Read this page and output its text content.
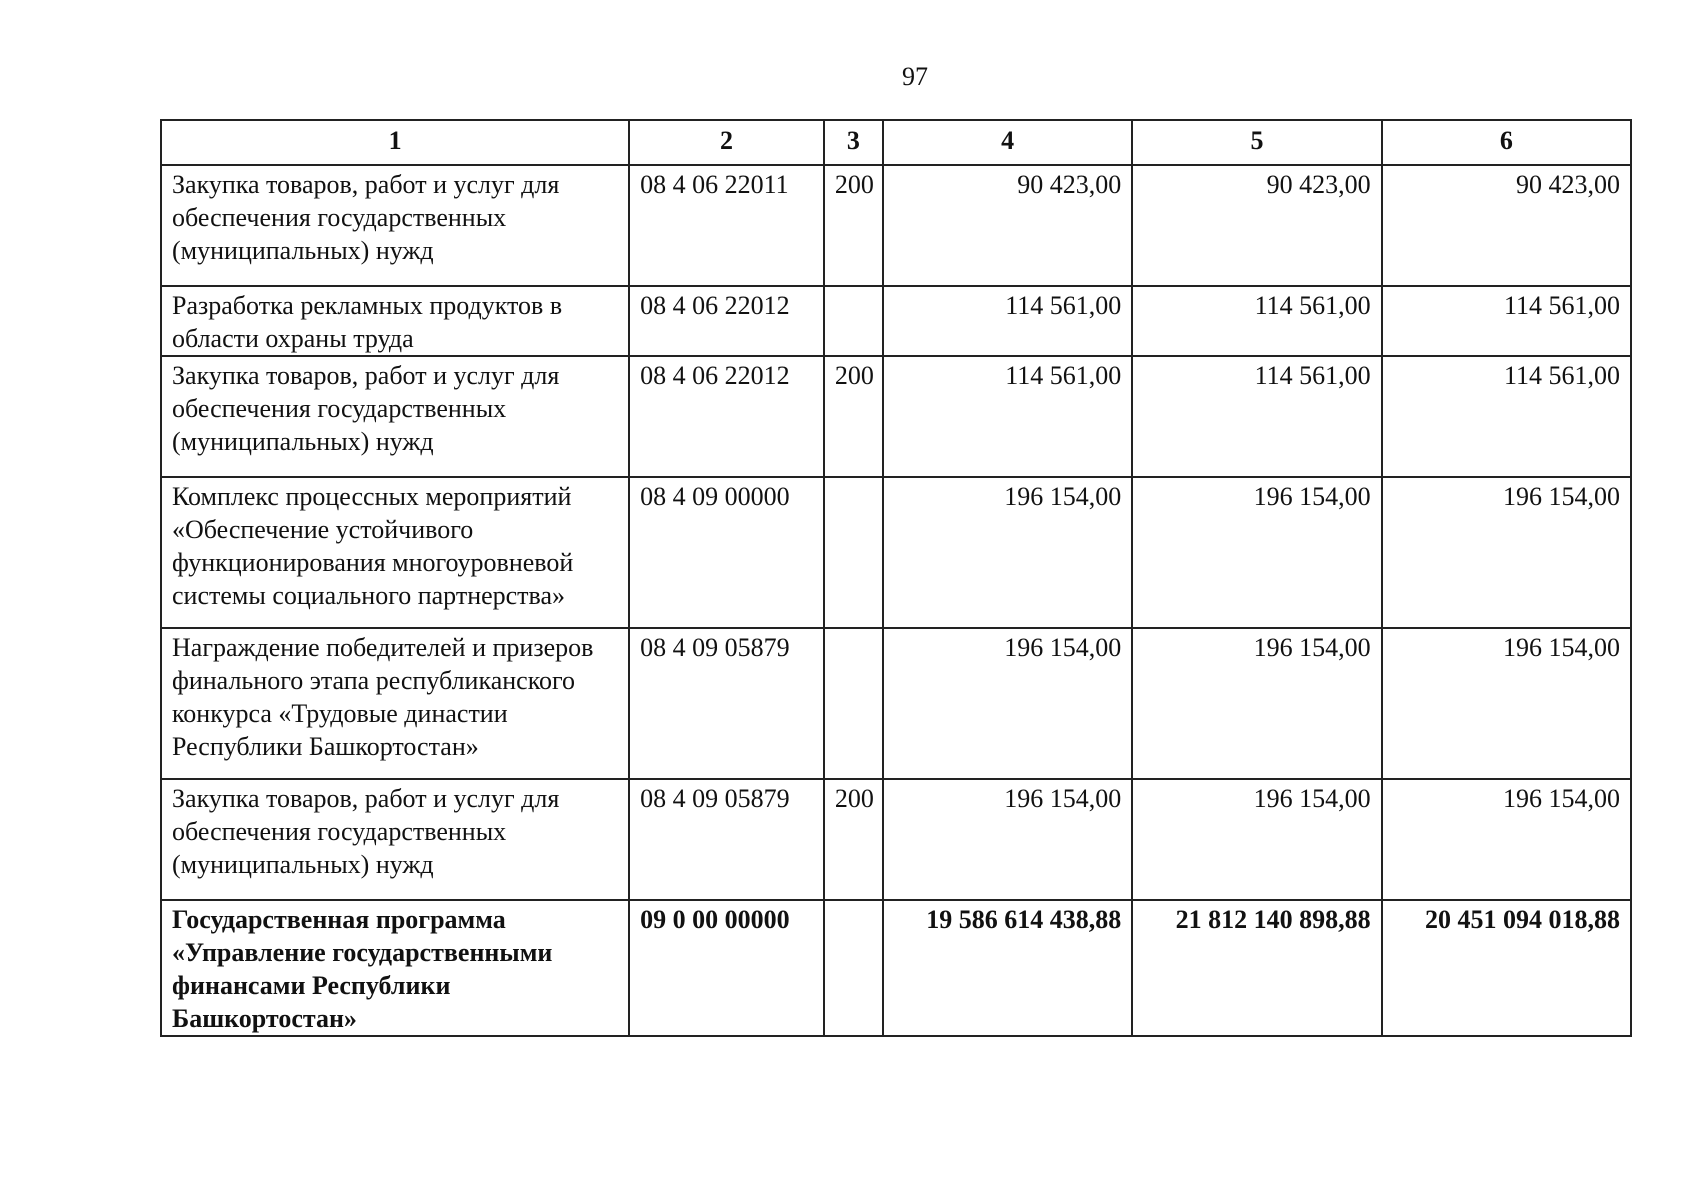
97
1	2	3	4	5	6
Закупка товаров, работ и услуг для обеспечения государственных (муниципальных) нужд	08 4 06 22011	200	90 423,00	90 423,00	90 423,00
Разработка рекламных продуктов в области охраны труда	08 4 06 22012		114 561,00	114 561,00	114 561,00
Закупка товаров, работ и услуг для обеспечения государственных (муниципальных) нужд	08 4 06 22012	200	114 561,00	114 561,00	114 561,00
Комплекс процессных мероприятий «Обеспечение устойчивого функционирования многоуровневой системы социального партнерства»	08 4 09 00000		196 154,00	196 154,00	196 154,00
Награждение победителей и призеров финального этапа республиканского конкурса «Трудовые династии Республики Башкортостан»	08 4 09 05879		196 154,00	196 154,00	196 154,00
Закупка товаров, работ и услуг для обеспечения государственных (муниципальных) нужд	08 4 09 05879	200	196 154,00	196 154,00	196 154,00
Государственная программа «Управление государственными финансами Республики Башкортостан»	09 0 00 00000		19 586 614 438,88	21 812 140 898,88	20 451 094 018,88
